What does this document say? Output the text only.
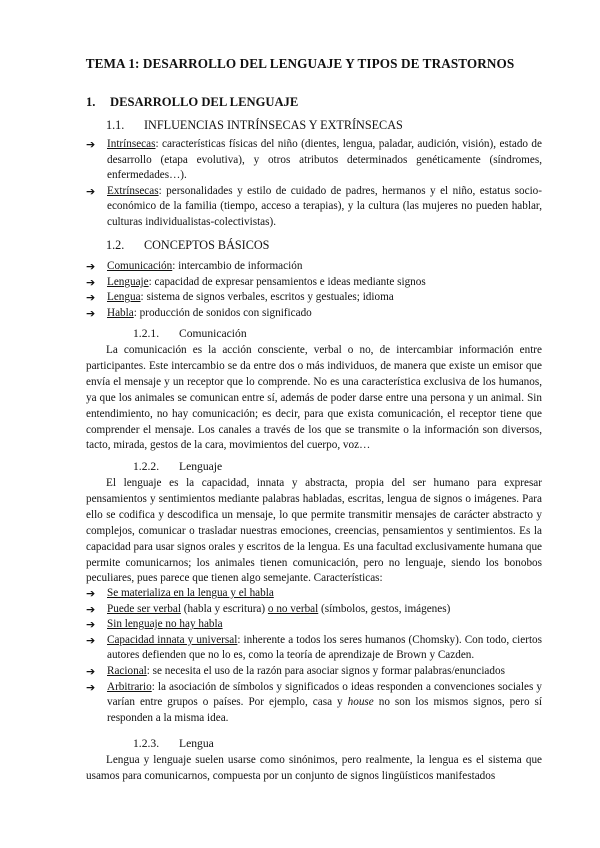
TEMA 1: DESARROLLO DEL LENGUAJE Y TIPOS DE TRASTORNOS
1. DESARROLLO DEL LENGUAJE
1.1. INFLUENCIAS INTRÍNSECAS Y EXTRÍNSECAS
➔ Intrínsecas: características físicas del niño (dientes, lengua, paladar, audición, visión), estado de desarrollo (etapa evolutiva), y otros atributos determinados genéticamente (síndromes, enfermedades…).
➔ Extrínsecas: personalidades y estilo de cuidado de padres, hermanos y el niño, estatus socio-económico de la familia (tiempo, acceso a terapias), y la cultura (las mujeres no pueden hablar, culturas individualistas-colectivistas).
1.2. CONCEPTOS BÁSICOS
➔ Comunicación: intercambio de información
➔ Lenguaje: capacidad de expresar pensamientos e ideas mediante signos
➔ Lengua: sistema de signos verbales, escritos y gestuales; idioma
➔ Habla: producción de sonidos con significado
1.2.1. Comunicación

La comunicación es la acción consciente, verbal o no, de intercambiar información entre participantes. Este intercambio se da entre dos o más individuos, de manera que existe un emisor que envía el mensaje y un receptor que lo comprende. No es una característica exclusiva de los humanos, ya que los animales se comunican entre sí, además de poder darse entre una persona y un animal. Sin entendimiento, no hay comunicación; es decir, para que exista comunicación, el receptor tiene que comprender el mensaje. Los canales a través de los que se transmite o la información son diversos, tacto, mirada, gestos de la cara, movimientos del cuerpo, voz…

1.2.2. Lenguaje

El lenguaje es la capacidad, innata y abstracta, propia del ser humano para expresar pensamientos y sentimientos mediante palabras habladas, escritas, lengua de signos o imágenes. Para ello se codifica y descodifica un mensaje, lo que permite transmitir mensajes de carácter abstracto y complejos, comunicar o trasladar nuestras emociones, creencias, pensamientos y sentimientos. Es la capacidad para usar signos orales y escritos de la lengua. Es una facultad exclusivamente humana que permite comunicarnos; los animales tienen comunicación, pero no lenguaje, siendo los bonobos peculiares, pues parece que tienen algo semejante. Características:

➔ Se materializa en la lengua y el habla
➔ Puede ser verbal (habla y escritura) o no verbal (símbolos, gestos, imágenes)
➔ Sin lenguaje no hay habla
➔ Capacidad innata y universal: inherente a todos los seres humanos (Chomsky). Con todo, ciertos autores defienden que no lo es, como la teoría de aprendizaje de Brown y Cazden.
➔ Racional: se necesita el uso de la razón para asociar signos y formar palabras/enunciados
➔ Arbitrario: la asociación de símbolos y significados o ideas responden a convenciones sociales y varían entre grupos o países. Por ejemplo, casa y house no son los mismos signos, pero sí responden a la misma idea.
1.2.3. Lengua

Lengua y lenguaje suelen usarse como sinónimos, pero realmente, la lengua es el sistema que usamos para comunicarnos, compuesta por un conjunto de signos lingüísticos manifestados
